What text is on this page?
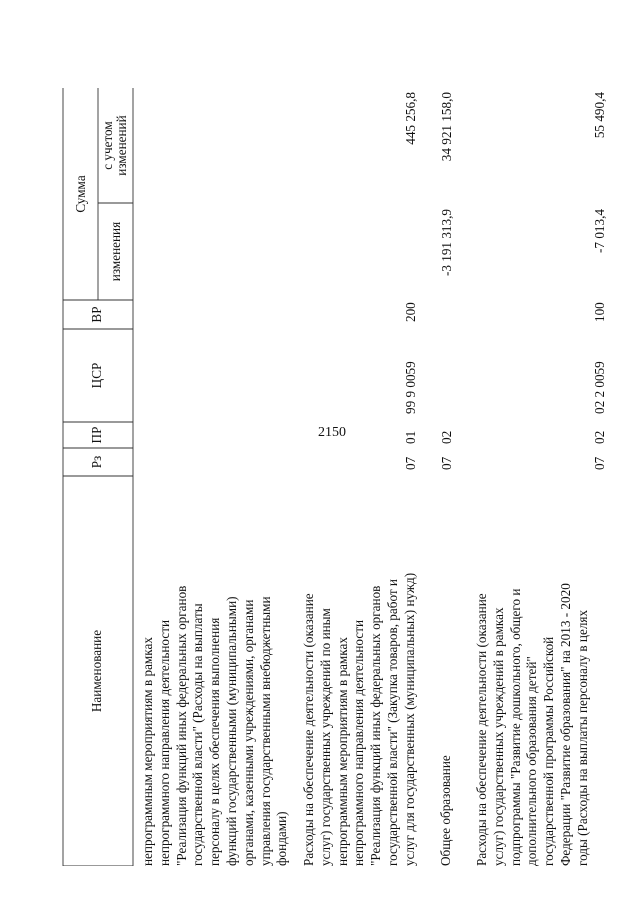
2150
Наименование
Рз
ПР
ЦСР
ВР
Сумма
изменения
с учетом изменений
непрограммным мероприятиям в рамках непрограммного направления деятельности "Реализация функций иных федеральных органов государственной власти" (Расходы на выплаты персоналу в целях обеспечения выполнения функций государственными (муниципальными) органами, казенными учреждениями, органами управления государственными внебюджетными фондами) Расходы на обеспечение деятельности (оказание услуг) государственных учреждений по иным непрограммным мероприятиям в рамках непрограммного направления деятельности "Реализация функций иных федеральных органов государственной власти" (Закупка товаров, работ и услуг для государственных (муниципальных) нужд)
07
01
99 9 0059
200
445 256,8
Общее образование
07
02
-3 191 313,9
34 921 158,0
Расходы на обеспечение деятельности (оказание услуг) государственных учреждений в рамках подпрограммы "Развитие дошкольного, общего и дополнительного образования детей" государственной программы Российской Федерации "Развитие образования" на 2013 - 2020 годы (Расходы на выплаты персоналу в целях
07
02
02 2 0059
100
-7 013,4
55 490,4
